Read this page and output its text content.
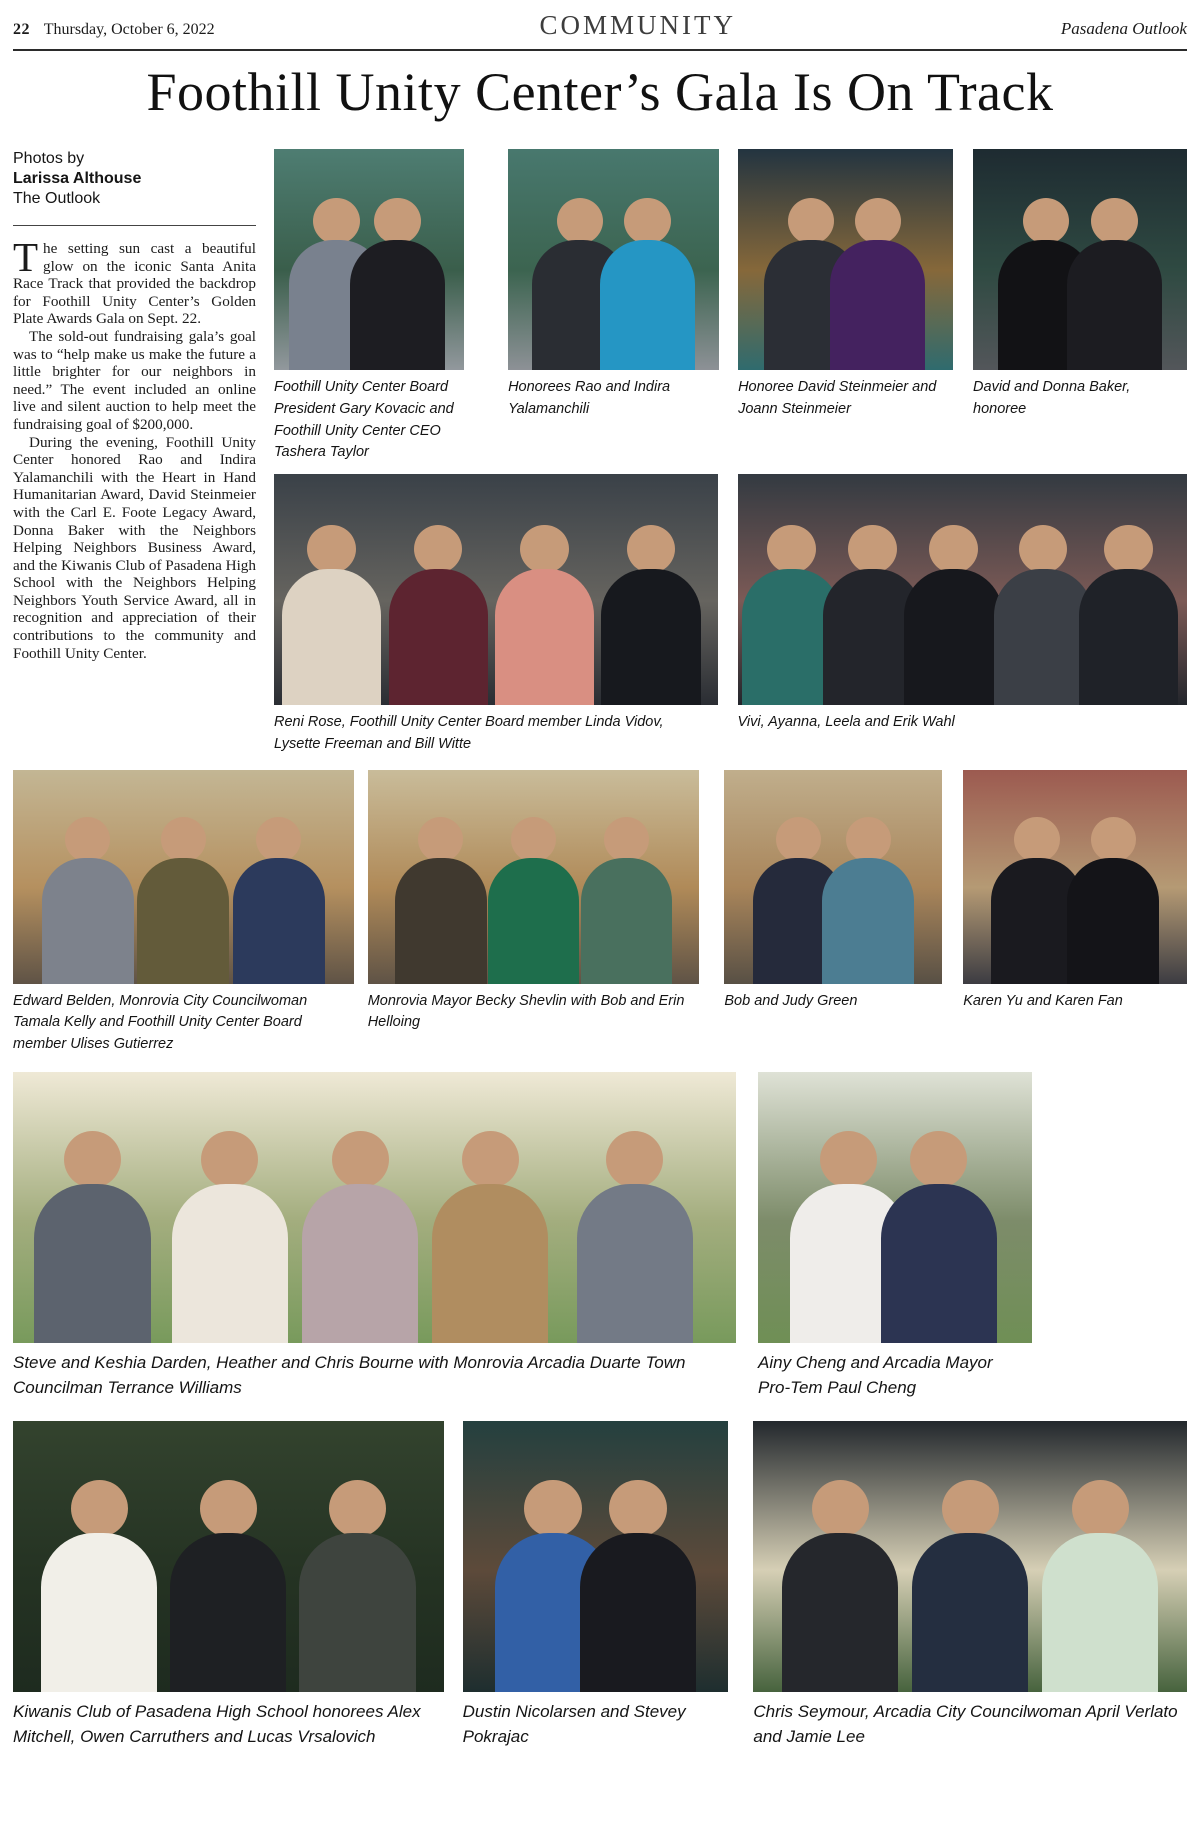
22 Thursday, October 6, 2022	COMMUNITY	Pasadena Outlook
Foothill Unity Center’s Gala Is On Track
Photos by
Larissa Althouse
The Outlook

The setting sun cast a beautiful glow on the iconic Santa Anita Race Track that provided the backdrop for Foothill Unity Center’s Golden Plate Awards Gala on Sept. 22.

The sold-out fundraising gala’s goal was to “help make us make the future a little brighter for our neighbors in need.” The event included an online live and silent auction to help meet the fundraising goal of $200,000.

During the evening, Foothill Unity Center honored Rao and Indira Yalamanchili with the Heart in Hand Humanitarian Award, David Steinmeier with the Carl E. Foote Legacy Award, Donna Baker with the Neighbors Helping Neighbors Business Award, and the Kiwanis Club of Pasadena High School with the Neighbors Helping Neighbors Youth Service Award, all in recognition and appreciation of their contributions to the community and Foothill Unity Center.

Foothill Unity Center Board President Gary Kovacic and Foothill Unity Center CEO Tashera Taylor
Honorees Rao and Indira Yalamanchili
Honoree David Steinmeier and Joann Steinmeier
David and Donna Baker, honoree
Reni Rose, Foothill Unity Center Board member Linda Vidov, Lysette Freeman and Bill Witte
Vivi, Ayanna, Leela and Erik Wahl
Edward Belden, Monrovia City Councilwoman Tamala Kelly and Foothill Unity Center Board member Ulises Gutierrez
Monrovia Mayor Becky Shevlin with Bob and Erin Helloing
Bob and Judy Green	Karen Yu and Karen Fan
Steve and Keshia Darden, Heather and Chris Bourne with Monrovia Arcadia Duarte Town Councilman Terrance Williams
Ainy Cheng and Arcadia Mayor Pro-Tem Paul Cheng
Kiwanis Club of Pasadena High School honorees Alex Mitchell, Owen Carruthers and Lucas Vrsalovich
Dustin Nicolarsen and Stevey Pokrajac
Chris Seymour, Arcadia City Councilwoman April Verlato and Jamie Lee
